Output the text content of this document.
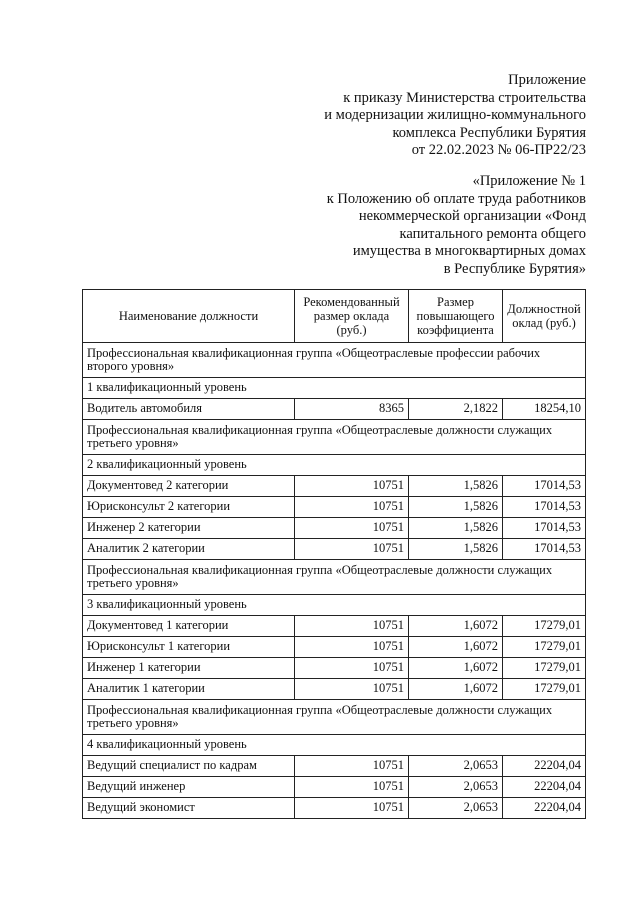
Приложение
к приказу Министерства строительства
и модернизации жилищно-коммунального
комплекса Республики Бурятия
от 22.02.2023 № 06-ПР22/23
«Приложение № 1
к Положению об оплате труда работников
некоммерческой организации «Фонд
капитального ремонта общего
имущества в многоквартирных домах
в Республике Бурятия»
Наименование должности	Рекомендованный размер оклада (руб.)	Размер повышающего коэффициента	Должностной оклад (руб.)
Профессиональная квалификационная группа «Общеотраслевые профессии рабочих второго уровня»			
1 квалификационный уровень			
Водитель автомобиля	8365	2,1822	18254,10
Профессиональная квалификационная группа «Общеотраслевые должности служащих третьего уровня»			
2 квалификационный уровень			
Документовед 2 категории	10751	1,5826	17014,53
Юрисконсульт 2 категории	10751	1,5826	17014,53
Инженер 2 категории	10751	1,5826	17014,53
Аналитик 2 категории	10751	1,5826	17014,53
Профессиональная квалификационная группа «Общеотраслевые должности служащих третьего уровня»			
3 квалификационный уровень			
Документовед 1 категории	10751	1,6072	17279,01
Юрисконсульт 1 категории	10751	1,6072	17279,01
Инженер 1 категории	10751	1,6072	17279,01
Аналитик 1 категории	10751	1,6072	17279,01
Профессиональная квалификационная группа «Общеотраслевые должности служащих третьего уровня»			
4 квалификационный уровень			
Ведущий специалист по кадрам	10751	2,0653	22204,04
Ведущий инженер	10751	2,0653	22204,04
Ведущий экономист	10751	2,0653	22204,04
